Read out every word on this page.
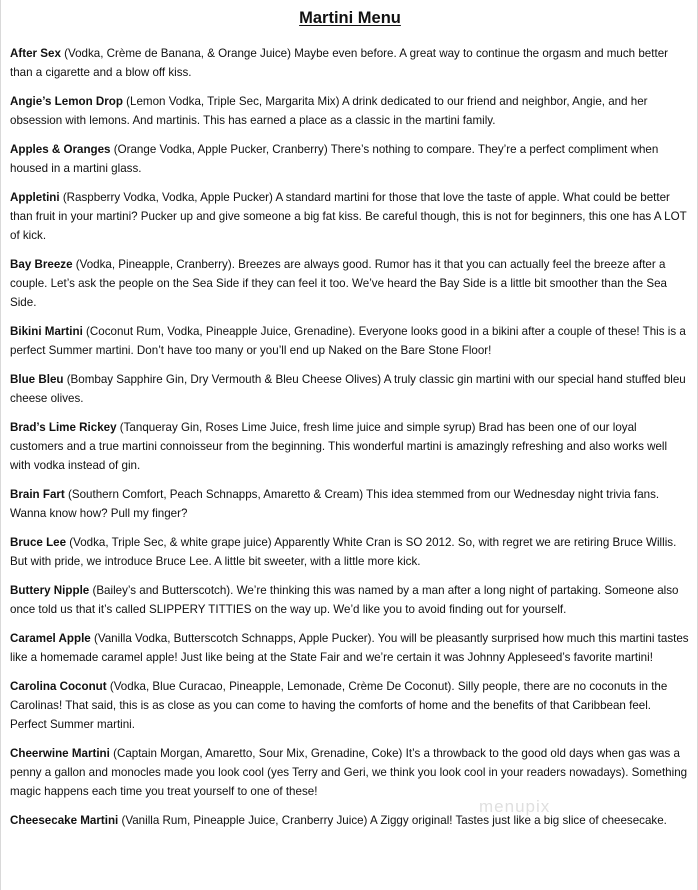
Martini Menu

After Sex (Vodka, Crème de Banana, & Orange Juice) Maybe even before. A great way to continue the orgasm and much better than a cigarette and a blow off kiss.

Angie’s Lemon Drop (Lemon Vodka, Triple Sec, Margarita Mix) A drink dedicated to our friend and neighbor, Angie, and her obsession with lemons. And martinis. This has earned a place as a classic in the martini family.

Apples & Oranges (Orange Vodka, Apple Pucker, Cranberry) There’s nothing to compare. They’re a perfect compliment when housed in a martini glass.

Appletini (Raspberry Vodka, Vodka, Apple Pucker) A standard martini for those that love the taste of apple. What could be better than fruit in your martini? Pucker up and give someone a big fat kiss. Be careful though, this is not for beginners, this one has A LOT of kick.

Bay Breeze (Vodka, Pineapple, Cranberry). Breezes are always good. Rumor has it that you can actually feel the breeze after a couple. Let’s ask the people on the Sea Side if they can feel it too. We’ve heard the Bay Side is a little bit smoother than the Sea Side.

Bikini Martini (Coconut Rum, Vodka, Pineapple Juice, Grenadine). Everyone looks good in a bikini after a couple of these! This is a perfect Summer martini. Don’t have too many or you’ll end up Naked on the Bare Stone Floor!

Blue Bleu (Bombay Sapphire Gin, Dry Vermouth & Bleu Cheese Olives) A truly classic gin martini with our special hand stuffed bleu cheese olives.

Brad’s Lime Rickey (Tanqueray Gin, Roses Lime Juice, fresh lime juice and simple syrup) Brad has been one of our loyal customers and a true martini connoisseur from the beginning. This wonderful martini is amazingly refreshing and also works well with vodka instead of gin.

Brain Fart (Southern Comfort, Peach Schnapps, Amaretto & Cream) This idea stemmed from our Wednesday night trivia fans. Wanna know how? Pull my finger?

Bruce Lee (Vodka, Triple Sec, & white grape juice) Apparently White Cran is SO 2012. So, with regret we are retiring Bruce Willis. But with pride, we introduce Bruce Lee. A little bit sweeter, with a little more kick.

Buttery Nipple (Bailey’s and Butterscotch). We’re thinking this was named by a man after a long night of partaking. Someone also once told us that it’s called SLIPPERY TITTIES on the way up. We’d like you to avoid finding out for yourself.

Caramel Apple (Vanilla Vodka, Butterscotch Schnapps, Apple Pucker). You will be pleasantly surprised how much this martini tastes like a homemade caramel apple! Just like being at the State Fair and we’re certain it was Johnny Appleseed’s favorite martini!

Carolina Coconut (Vodka, Blue Curacao, Pineapple, Lemonade, Crème De Coconut). Silly people, there are no coconuts in the Carolinas! That said, this is as close as you can come to having the comforts of home and the benefits of that Caribbean feel. Perfect Summer martini.

Cheerwine Martini (Captain Morgan, Amaretto, Sour Mix, Grenadine, Coke) It’s a throwback to the good old days when gas was a penny a gallon and monocles made you look cool (yes Terry and Geri, we think you look cool in your readers nowadays). Something magic happens each time you treat yourself to one of these!

Cheesecake Martini (Vanilla Rum, Pineapple Juice, Cranberry Juice) A Ziggy original! Tastes just like a big slice of cheesecake.

menupix
